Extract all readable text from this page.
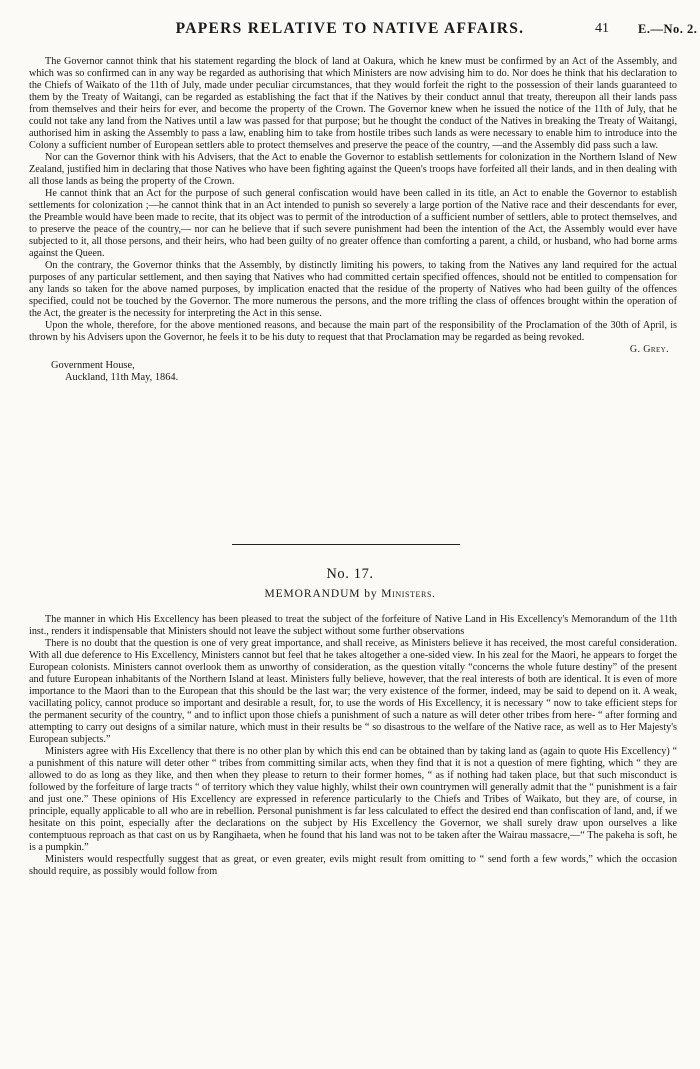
PAPERS RELATIVE TO NATIVE AFFAIRS.	41 E.—No. 2.

The Governor cannot think that his statement regarding the block of land at Oakura, which he knew must be confirmed by an Act of the Assembly, and which was so confirmed can in any way be regarded as authorising that which Ministers are now advising him to do. Nor does he think that his declaration to the Chiefs of Waikato of the 11th of July, made under peculiar circumstances, that they would forfeit the right to the possession of their lands guaranteed to them by the Treaty of Waitangi, can be regarded as establishing the fact that if the Natives by their conduct annul that treaty, thereupon all their lands pass from themselves and their heirs for ever, and become the property of the Crown. The Governor knew when he issued the notice of the 11th of July, that he could not take any land from the Natives until a law was passed for that purpose; but he thought the conduct of the Natives in breaking the Treaty of Waitangi, authorised him in asking the Assembly to pass a law, enabling him to take from hostile tribes such lands as were necessary to enable him to introduce into the Colony a sufficient number of European settlers able to protect themselves and preserve the peace of the country, —and the Assembly did pass such a law.

Nor can the Governor think with his Advisers, that the Act to enable the Governor to establish settlements for colonization in the Northern Island of New Zealand, justified him in declaring that those Natives who have been fighting against the Queen's troops have forfeited all their lands, and in then dealing with all those lands as being the property of the Crown.

He cannot think that an Act for the purpose of such general confiscation would have been called in its title, an Act to enable the Governor to establish settlements for colonization ;—he cannot think that in an Act intended to punish so severely a large portion of the Native race and their descendants for ever, the Preamble would have been made to recite, that its object was to permit of the introduction of a sufficient number of settlers, able to protect themselves, and to preserve the peace of the country,— nor can he believe that if such severe punishment had been the intention of the Act, the Assembly would ever have subjected to it, all those persons, and their heirs, who had been guilty of no greater offence than comforting a parent, a child, or husband, who had borne arms against the Queen.

On the contrary, the Governor thinks that the Assembly, by distinctly limiting his powers, to taking from the Natives any land required for the actual purposes of any particular settlement, and then saying that Natives who had committed certain specified offences, should not be entitled to compensation for any lands so taken for the above named purposes, by implication enacted that the residue of the property of Natives who had been guilty of the offences specified, could not be touched by the Governor. The more numerous the persons, and the more trifling the class of offences brought within the operation of the Act, the greater is the necessity for interpreting the Act in this sense.

Upon the whole, therefore, for the above mentioned reasons, and because the main part of the responsibility of the Proclamation of the 30th of April, is thrown by his Advisers upon the Governor, he feels it to be his duty to request that that Proclamation may be regarded as being revoked.

G. Grey.
Government House,
Auckland, 11th May, 1864.
No. 17.
MEMORANDUM by Ministers.

The manner in which His Excellency has been pleased to treat the subject of the forfeiture of Native Land in His Excellency's Memorandum of the 11th inst., renders it indispensable that Ministers should not leave the subject without some further observations

There is no doubt that the question is one of very great importance, and shall receive, as Ministers believe it has received, the most careful consideration. With all due deference to His Excellency, Ministers cannot but feel that he takes altogether a one-sided view. In his zeal for the Maori, he appears to forget the European colonists. Ministers cannot overlook them as unworthy of consideration, as the question vitally “concerns the whole future destiny” of the present and future European inhabitants of the Northern Island at least. Ministers fully believe, however, that the real interests of both are identical. It is even of more importance to the Maori than to the European that this should be the last war; the very existence of the former, indeed, may be said to depend on it. A weak, vacillating policy, cannot produce so important and desirable a result, for, to use the words of His Excellency, it is necessary “ now to take efficient steps for the permanent security of the country, “ and to inflict upon those chiefs a punishment of such a nature as will deter other tribes from here- “ after forming and attempting to carry out designs of a similar nature, which must in their results be “ so disastrous to the welfare of the Native race, as well as to Her Majesty's European subjects.”

Ministers agree with His Excellency that there is no other plan by which this end can be obtained than by taking land as (again to quote His Excellency) “ a punishment of this nature will deter other “ tribes from committing similar acts, when they find that it is not a question of mere fighting, which “ they are allowed to do as long as they like, and then when they please to return to their former homes, “ as if nothing had taken place, but that such misconduct is followed by the forfeiture of large tracts “ of territory which they value highly, whilst their own countrymen will generally admit that the “ punishment is a fair and just one.” These opinions of His Excellency are expressed in reference particularly to the Chiefs and Tribes of Waikato, but they are, of course, in principle, equally applicable to all who are in rebellion. Personal punishment is far less calculated to effect the desired end than confiscation of land, and, if we hesitate on this point, especially after the declarations on the subject by His Excellency the Governor, we shall surely draw upon ourselves a like contemptuous reproach as that cast on us by Rangihaeta, when he found that his land was not to be taken after the Wairau massacre,—“ The pakeha is soft, he is a pumpkin.”

Ministers would respectfully suggest that as great, or even greater, evils might result from omitting to “ send forth a few words,” which the occasion should require, as possibly would follow from
